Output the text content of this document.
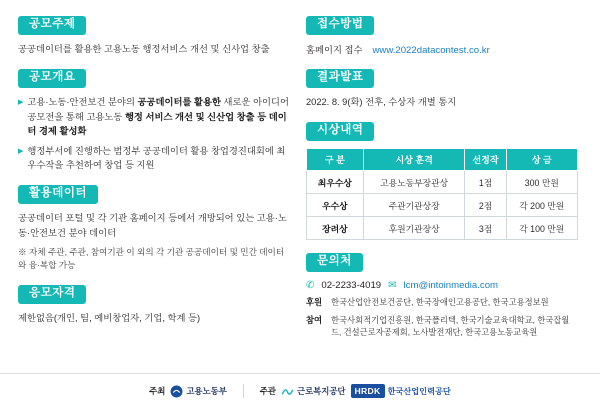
공모주제
공공데이터를 활용한 고용노동 행정서비스 개선 및 신사업 창출
공모개요
▶ 고용·노동·안전보건 분야의 공공데이터를 활용한 새로운 아이디어 공모전을 통해 고용노동 행정 서비스 개선 및 신산업 창출 등 데이터 경제 활성화
▶ 행정부서에 진행하는 범정부 공공데이터 활용 창업경진대회에 최우수작을 추천하여 창업 등 지원
활용데이터
공공데이터 포털 및 각 기관 홈페이지 등에서 개방되어 있는 고용·노동·안전보건 분야 데이터
※ 자체 주관, 주관, 참여기관 이 외의 각 기관 공공데이터 및 민간 데이터와 융·복합 가능
응모자격
제한없음(개인, 팀, 예비창업자, 기업, 학계 등)
접수방법
홈페이지 접수 www.2022datacontest.co.kr
결과발표
2022. 8. 9(화) 전후, 수상자 개별 통지
시상내역
구 분	시상 훈격	선정작	상 금
최우수상	고용노동부장관상	1점	300 만원
우수상	주관기관상장	2점	각 200 만원
장려상	후원기관장상	3점	각 100 만원
문의처
✆ 02-2233-4019 ✉ lcm@intoinmedia.com
후원 한국산업안전보건공단, 한국장애인고용공단, 한국고용정보원
참여 한국사회적기업진흥원, 한국폴리텍, 한국기술교육대학교, 한국잡월드, 건설근로자공제회, 노사발전재단, 한국고용노동교육원
주최	고용노동부	주관	근로복지공단	HRDK 한국산업인력공단
